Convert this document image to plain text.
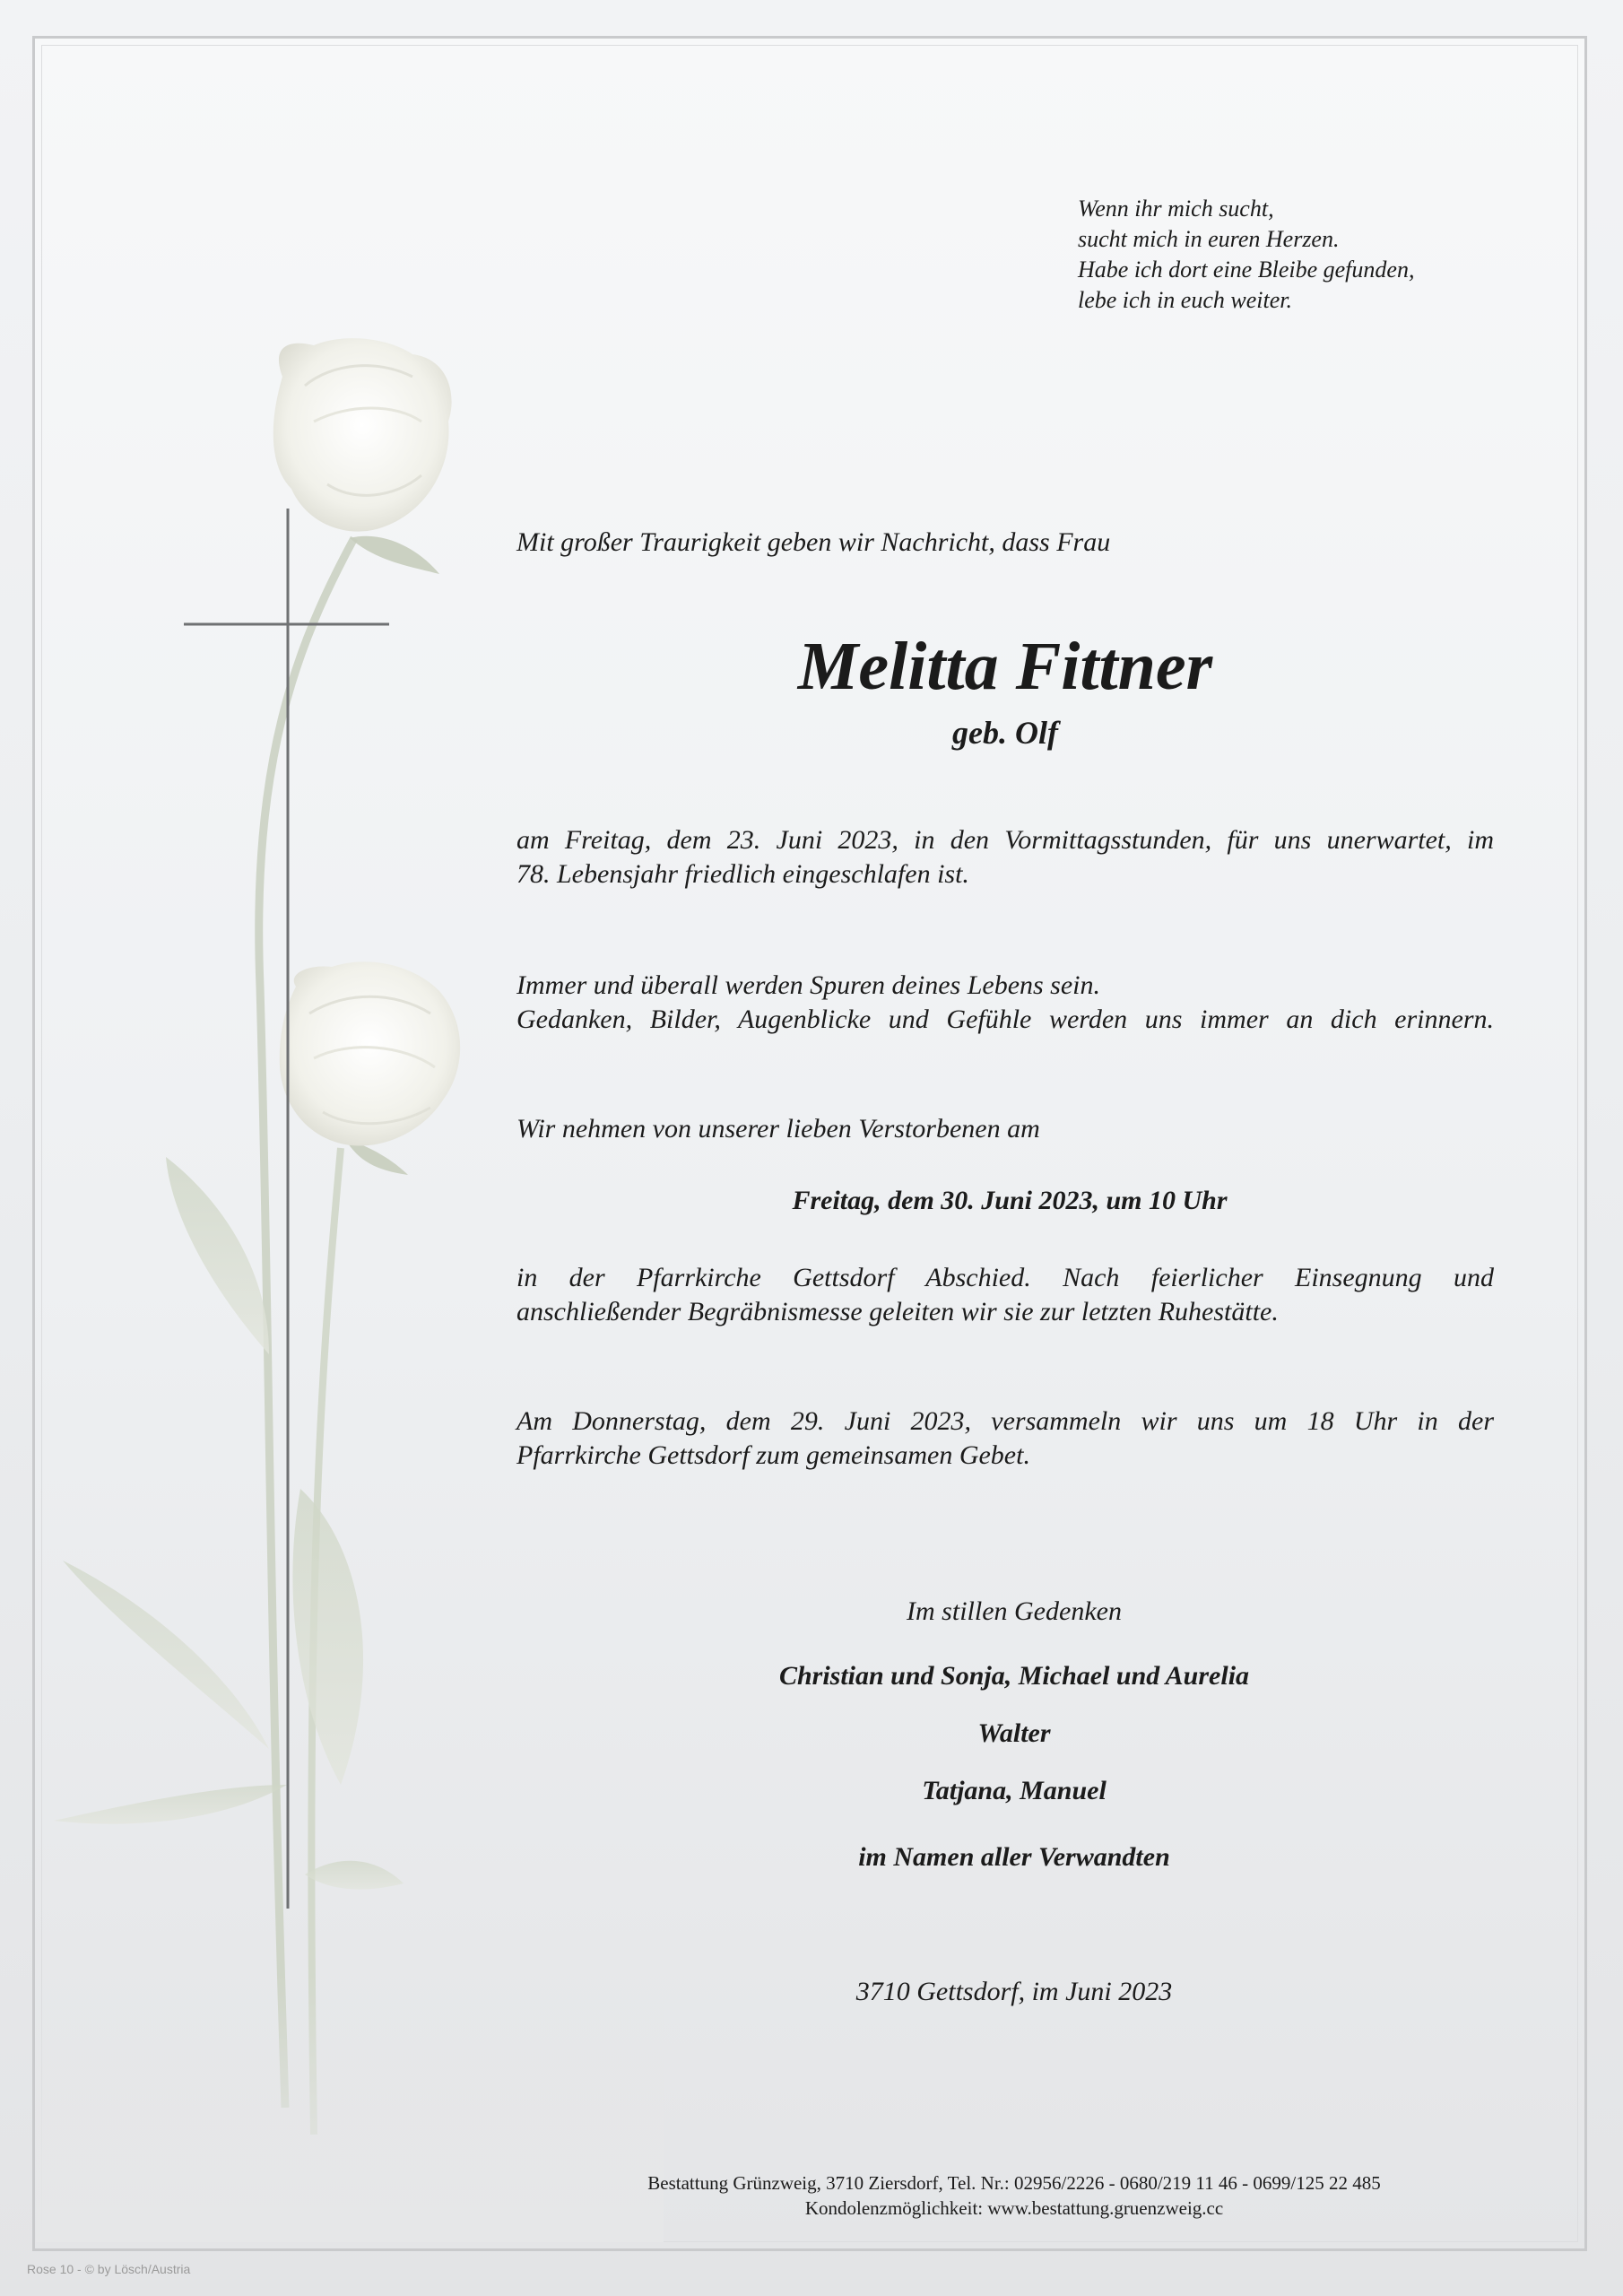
Wenn ihr mich sucht,
sucht mich in euren Herzen.
Habe ich dort eine Bleibe gefunden,
lebe ich in euch weiter.
Mit großer Traurigkeit geben wir Nachricht, dass Frau
Melitta Fittner
geb. Olf
am Freitag, dem 23. Juni 2023, in den Vormittagsstunden, für uns unerwartet, im
78. Lebensjahr friedlich eingeschlafen ist.
Immer und überall werden Spuren deines Lebens sein.
Gedanken, Bilder, Augenblicke und Gefühle werden uns immer an dich erinnern.
Wir nehmen von unserer lieben Verstorbenen am
Freitag, dem 30. Juni 2023, um 10 Uhr
in der Pfarrkirche Gettsdorf Abschied. Nach feierlicher Einsegnung und
anschließender Begräbnismesse geleiten wir sie zur letzten Ruhestätte.
Am Donnerstag, dem 29. Juni 2023, versammeln wir uns um 18 Uhr in der
Pfarrkirche Gettsdorf zum gemeinsamen Gebet.
Im stillen Gedenken
Christian und Sonja, Michael und Aurelia
Walter
Tatjana, Manuel
im Namen aller Verwandten
3710 Gettsdorf, im Juni 2023
Bestattung Grünzweig, 3710 Ziersdorf, Tel. Nr.: 02956/2226 - 0680/219 11 46 - 0699/125 22 485
Kondolenzmöglichkeit: www.bestattung.gruenzweig.cc
Rose 10 - © by Lösch/Austria
